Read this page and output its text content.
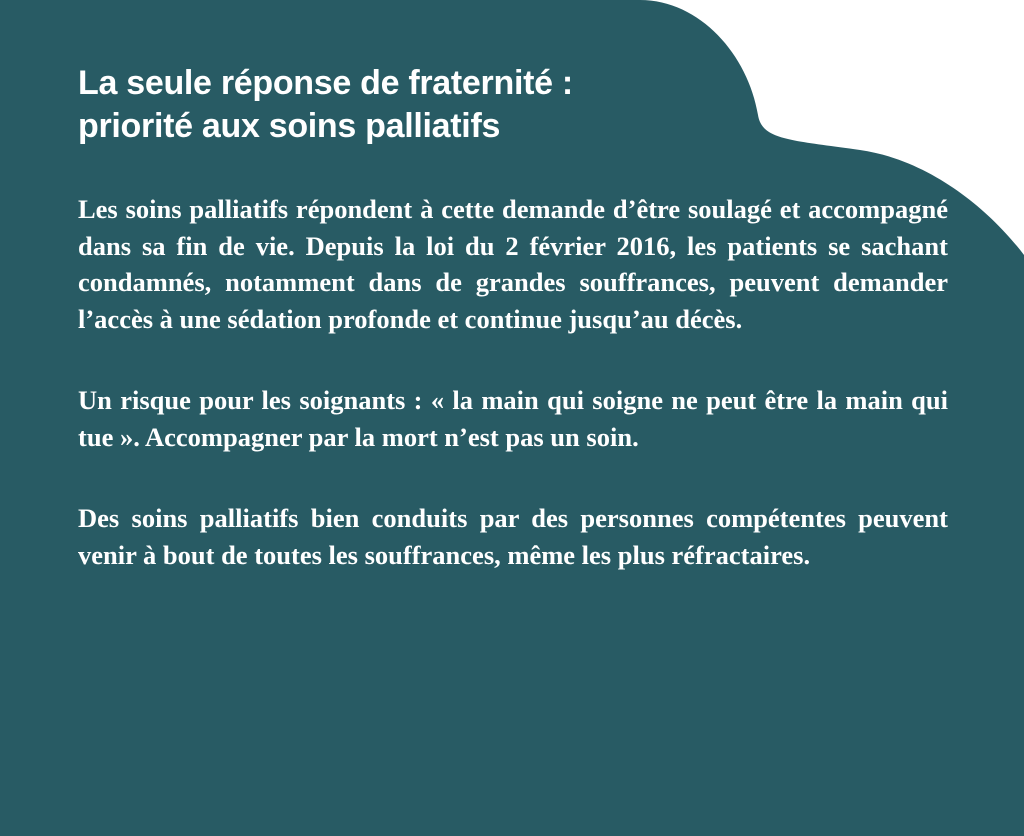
La seule réponse de fraternité :
priorité aux soins palliatifs

Les soins palliatifs répondent à cette demande d’être soulagé et accompagné dans sa fin de vie. Depuis la loi du 2 février 2016, les patients se sachant condamnés, notamment dans de grandes souffrances, peuvent demander l’accès à une sédation profonde et continue jusqu’au décès.

Un risque pour les soignants : « la main qui soigne ne peut être la main qui tue ». Accompagner par la mort n’est pas un soin.

Des soins palliatifs bien conduits par des personnes compétentes peuvent venir à bout de toutes les souffrances, même les plus réfractaires.
